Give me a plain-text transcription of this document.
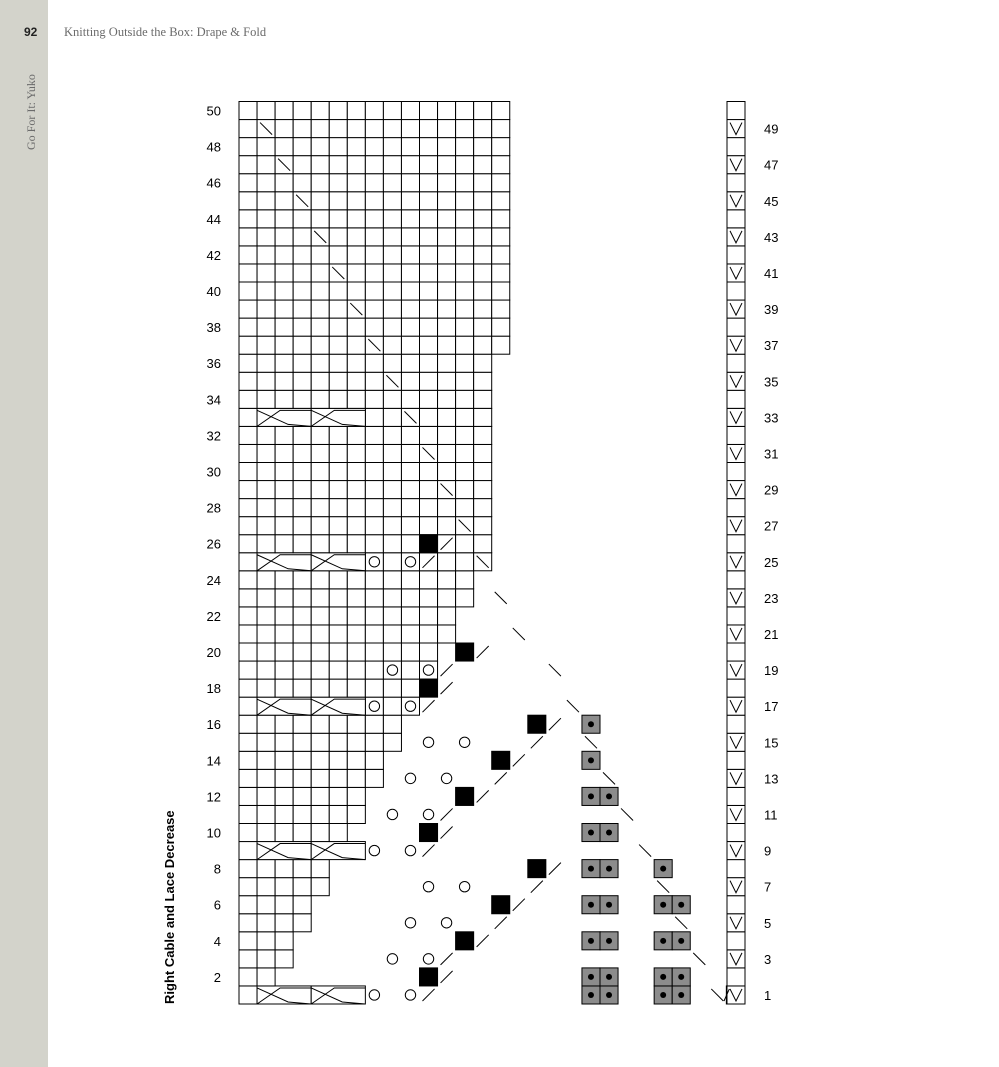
92 Knitting Outside the Box: Drape & Fold
Go For It: Yuko
Right Cable and Lace Decrease
50
48
46
44
42
40
38
36
34
32
30
28
26
24
22
20
18
16
14
12
10
8
6
4
2
49
47
45
43
41
39
37
35
33
31
29
27
25
23
21
19
17
15
13
11
9
7
5
3
1
